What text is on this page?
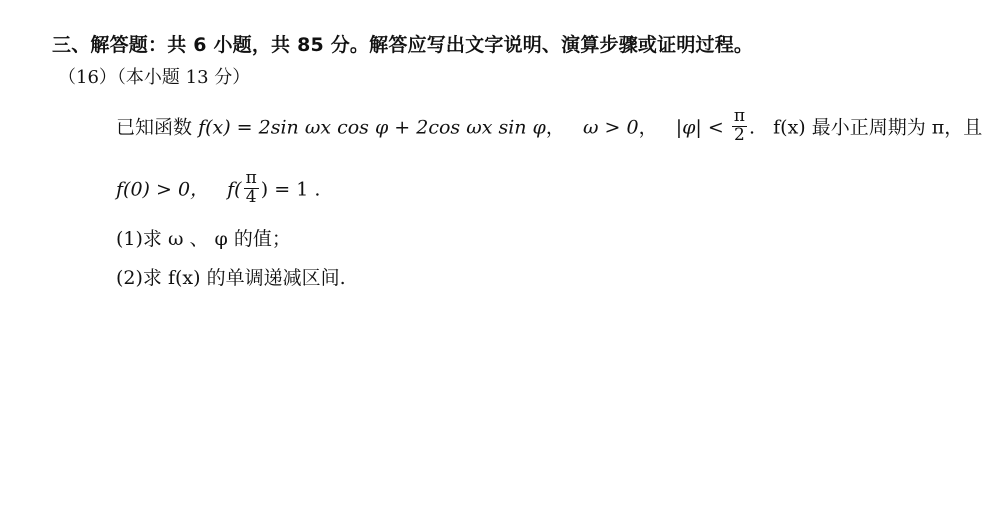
三、解答题：共 6 小题，共 85 分。解答应写出文字说明、演算步骤或证明过程。
（16）（本小题 13 分）
已知函数 f(x) = 2sin ωx cos φ + 2cos ωx sin φ， ω > 0， $|\varphi| < \frac{\pi}{2}$ . f(x) 最小正周期为 π，且
f(0) > 0， $f( \frac{\pi}{4}$ ) = 1 .
(1)求 ω 、 φ 的值；
(2)求 f(x) 的单调递减区间.
